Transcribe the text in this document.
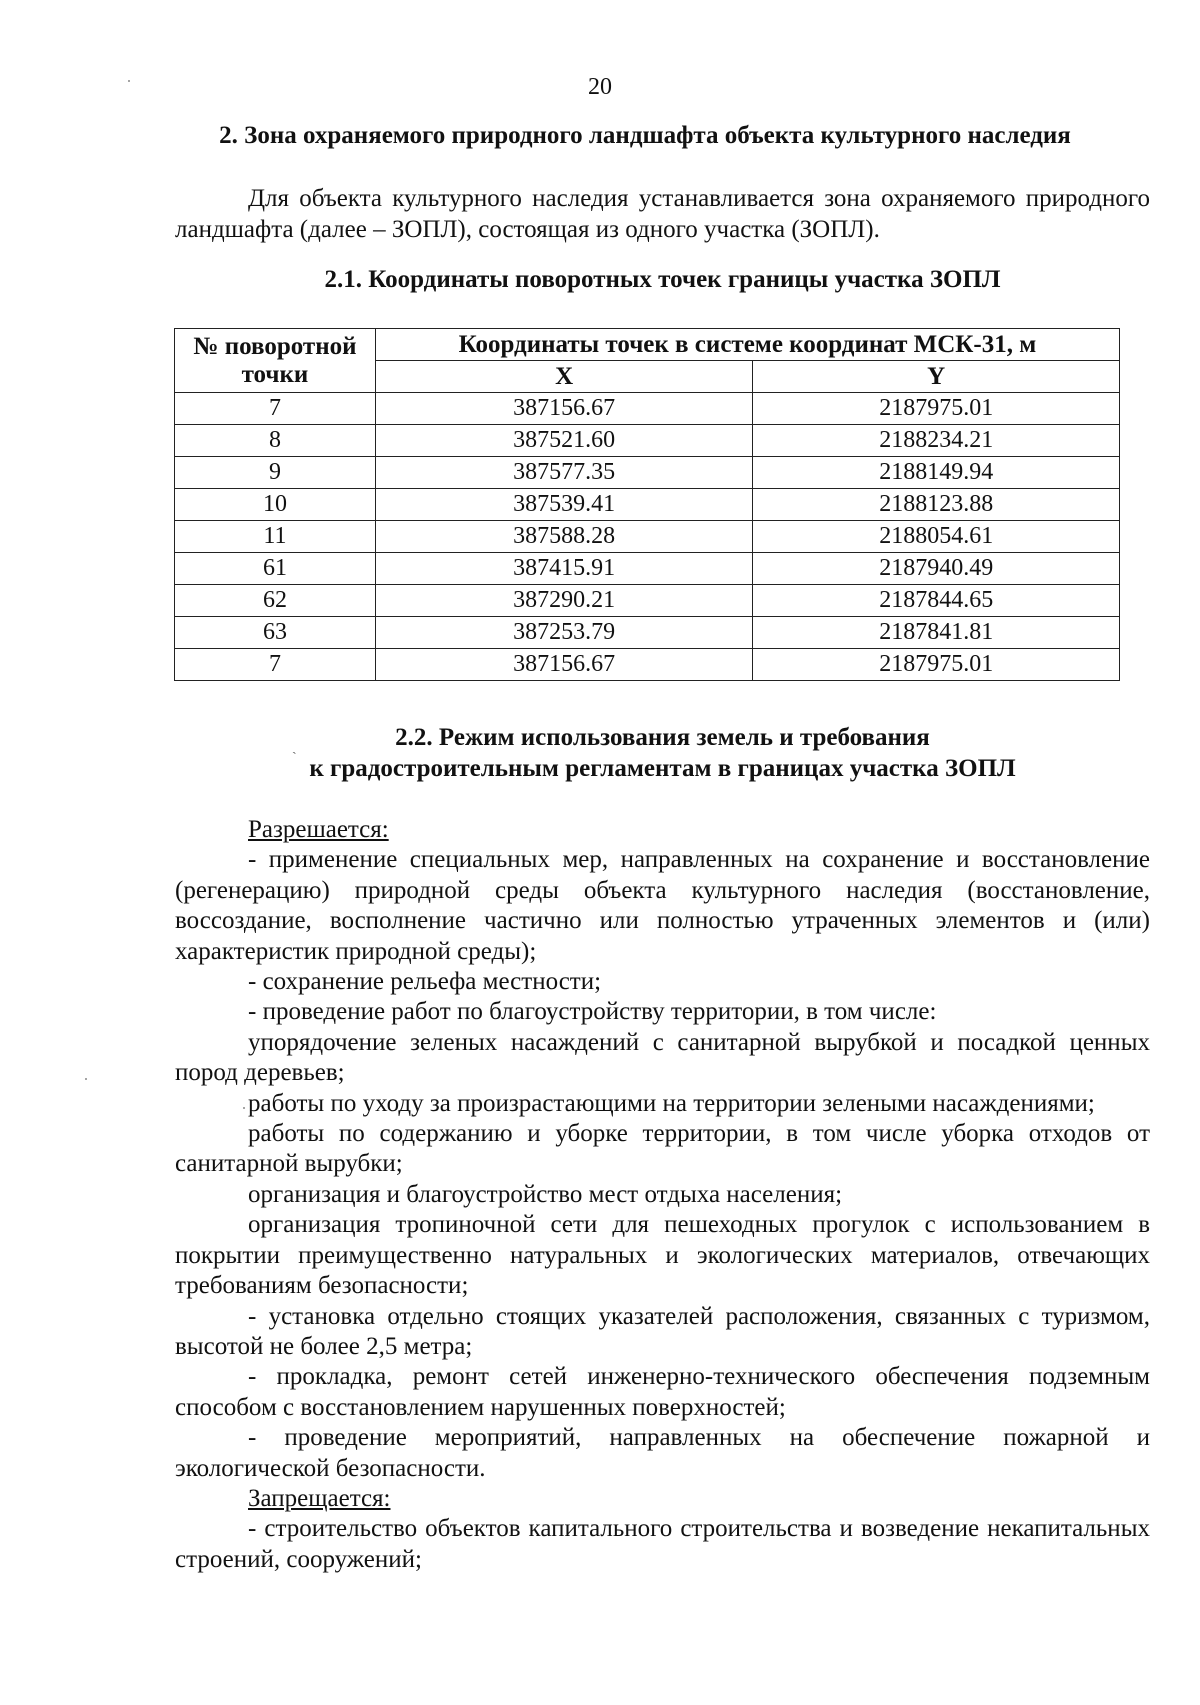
20
2. Зона охраняемого природного ландшафта объекта культурного наследия
Для объекта культурного наследия устанавливается зона охраняемого природного ландшафта (далее – ЗОПЛ), состоящая из одного участка (ЗОПЛ).
2.1. Координаты поворотных точек границы участка ЗОПЛ
№ поворотной точки	Координаты точек в системе координат МСК-31, м	
	X	Y
7	387156.67	2187975.01
8	387521.60	2188234.21
9	387577.35	2188149.94
10	387539.41	2188123.88
11	387588.28	2188054.61
61	387415.91	2187940.49
62	387290.21	2187844.65
63	387253.79	2187841.81
7	387156.67	2187975.01
ˏ	2.2. Режим использования земель и требования
к градостроительным регламентам в границах участка ЗОПЛ

Разрешается:

- применение специальных мер, направленных на сохранение и восстановление (регенерацию) природной среды объекта культурного наследия (восстановление, воссоздание, восполнение частично или полностью утраченных элементов и (или) характеристик природной среды);

- сохранение рельефа местности;

- проведение работ по благоустройству территории, в том числе:

упорядочение зеленых насаждений с санитарной вырубкой и посадкой ценных пород деревьев;

работы по уходу за произрастающими на территории зелеными насаждениями;

работы по содержанию и уборке территории, в том числе уборка отходов от санитарной вырубки;

организация и благоустройство мест отдыха населения;

организация тропиночной сети для пешеходных прогулок с использованием в покрытии преимущественно натуральных и экологических материалов, отвечающих требованиям безопасности;

- установка отдельно стоящих указателей расположения, связанных с туризмом, высотой не более 2,5 метра;

- прокладка, ремонт сетей инженерно-технического обеспечения подземным способом с восстановлением нарушенных поверхностей;

- проведение мероприятий, направленных на обеспечение пожарной и экологической безопасности.

Запрещается:

- строительство объектов капитального строительства и возведение некапитальных строений, сооружений;
